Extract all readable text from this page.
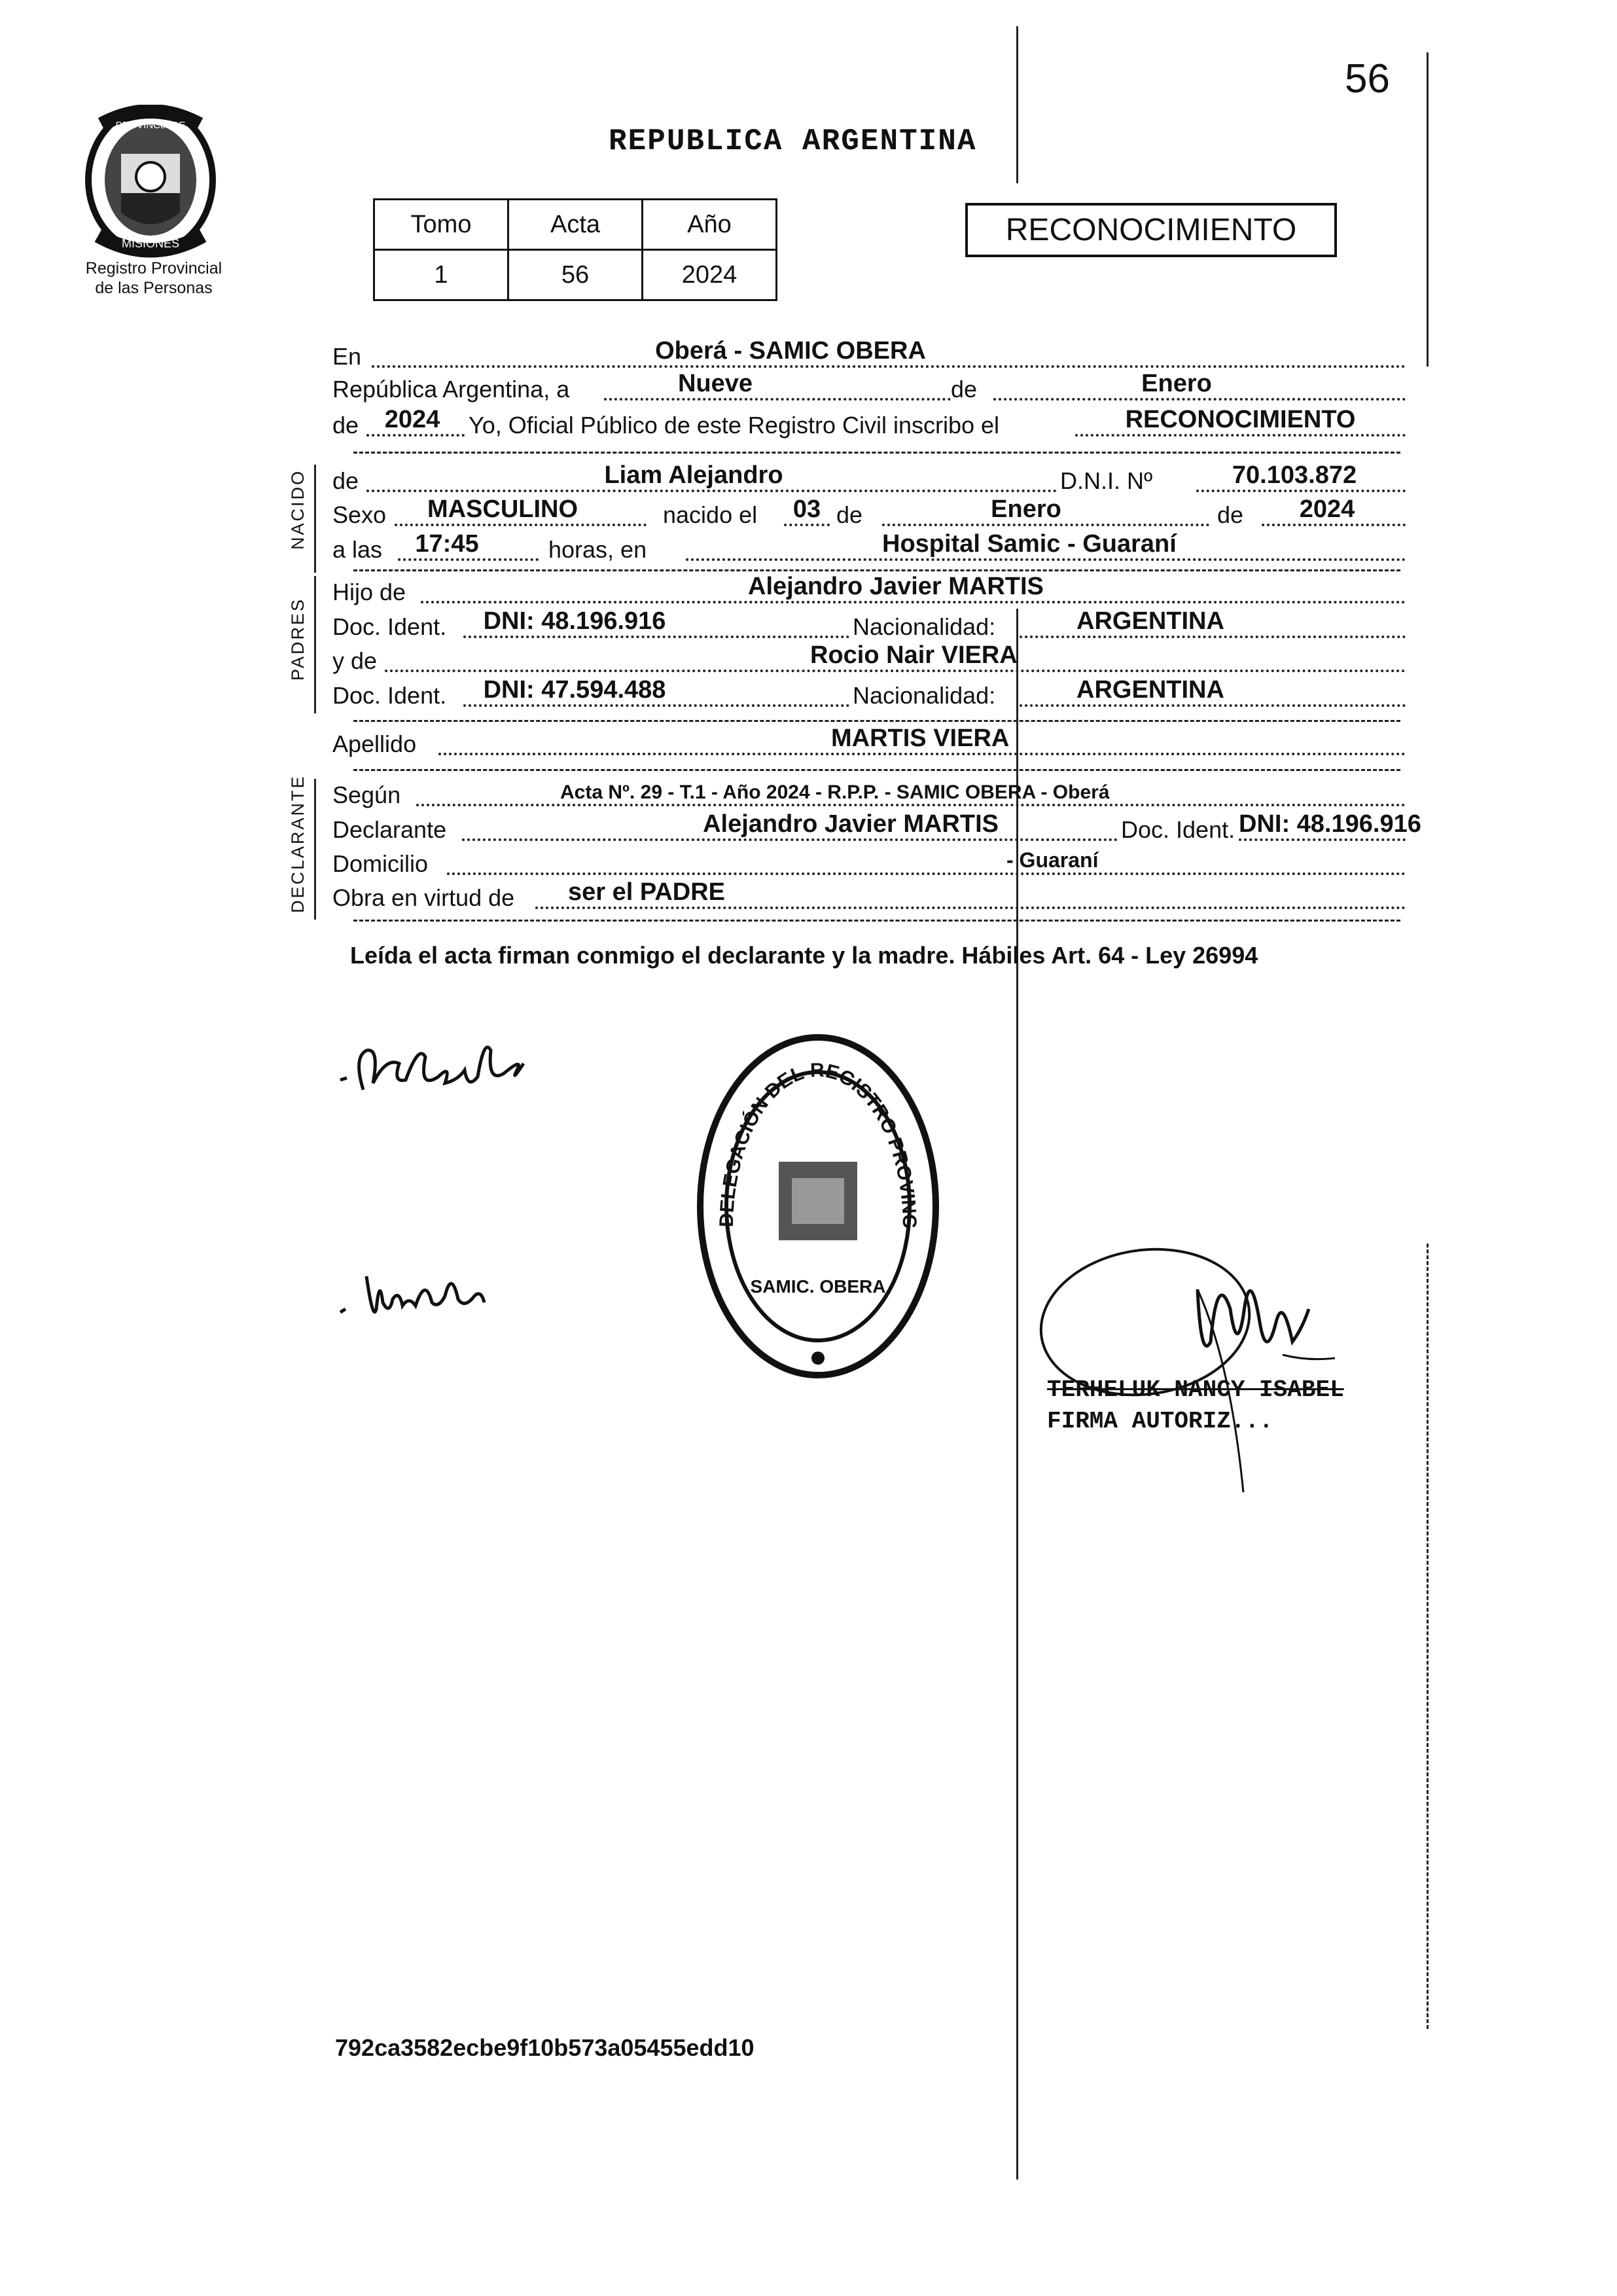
56
REPUBLICA ARGENTINA
PROVINCIA DE
MISIONES
Registro Provincial
de las Personas
Tomo	Acta	Año
1	56	2024
RECONOCIMIENTO
En	Oberá - SAMIC OBERA
República Argentina, a	Nueve	de	Enero
de	2024	Yo, Oficial Público de este Registro Civil inscribo el	RECONOCIMIENTO
NACIDO de	Liam Alejandro	D.N.I. Nº	70.103.872
Sexo	MASCULINO	nacido el	03 de	Enero	de	2024
a las	17:45	horas, en	Hospital Samic - Guaraní
PADRES
Hijo de	Alejandro Javier MARTIS
Doc. Ident.	DNI: 48.196.916	Nacionalidad:	ARGENTINA
y de	Rocio Nair VIERA
Doc. Ident.	DNI: 47.594.488	Nacionalidad:	ARGENTINA
Apellido	MARTIS VIERA
DECLARANTE Según	Acta Nº. 29 - T.1 - Año 2024 - R.P.P. - SAMIC OBERA - Oberá
Declarante	Alejandro Javier MARTIS	Doc. Ident. DNI: 48.196.916
Domicilio	- Guaraní
Obra en virtud de	ser el PADRE
Leída el acta firman conmigo el declarante y la madre. Hábiles Art. 64 - Ley 26994
DELEGACIÓN DEL REGISTRO PROVINC
SAMIC. OBERA
TERHELUK NANCY ISABEL
FIRMA AUTORIZ...
792ca3582ecbe9f10b573a05455edd10
